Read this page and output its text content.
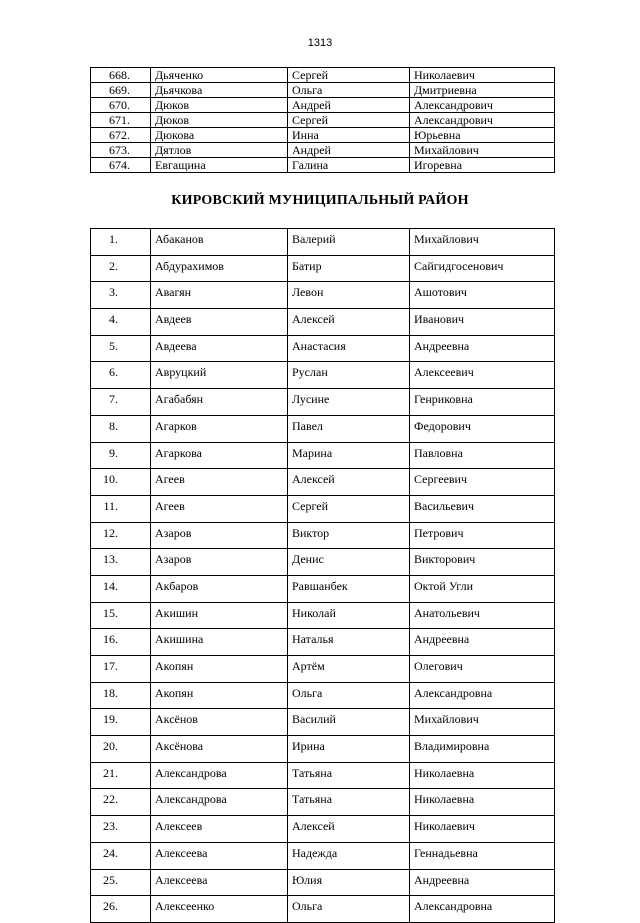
1313
668.	Дьяченко	Сергей	Николаевич
669.	Дьячкова	Ольга	Дмитриевна
670.	Дюков	Андрей	Александрович
671.	Дюков	Сергей	Александрович
672.	Дюкова	Инна	Юрьевна
673.	Дятлов	Андрей	Михайлович
674.	Евгащина	Галина	Игоревна
КИРОВСКИЙ МУНИЦИПАЛЬНЫЙ РАЙОН
1.	Абаканов	Валерий	Михайлович
2.	Абдурахимов	Батир	Сайгидгосенович
3.	Авагян	Левон	Ашотович
4.	Авдеев	Алексей	Иванович
5.	Авдеева	Анастасия	Андреевна
6.	Авруцкий	Руслан	Алексеевич
7.	Агабабян	Лусине	Генриковна
8.	Агарков	Павел	Федорович
9.	Агаркова	Марина	Павловна
10.	Агеев	Алексей	Сергеевич
11.	Агеев	Сергей	Васильевич
12.	Азаров	Виктор	Петрович
13.	Азаров	Денис	Викторович
14.	Акбаров	Равшанбек	Октой Угли
15.	Акишин	Николай	Анатольевич
16.	Акишина	Наталья	Андреевна
17.	Акопян	Артём	Олегович
18.	Акопян	Ольга	Александровна
19.	Аксёнов	Василий	Михайлович
20.	Аксёнова	Ирина	Владимировна
21.	Александрова	Татьяна	Николаевна
22.	Александрова	Татьяна	Николаевна
23.	Алексеев	Алексей	Николаевич
24.	Алексеева	Надежда	Геннадьевна
25.	Алексеева	Юлия	Андреевна
26.	Алексеенко	Ольга	Александровна
